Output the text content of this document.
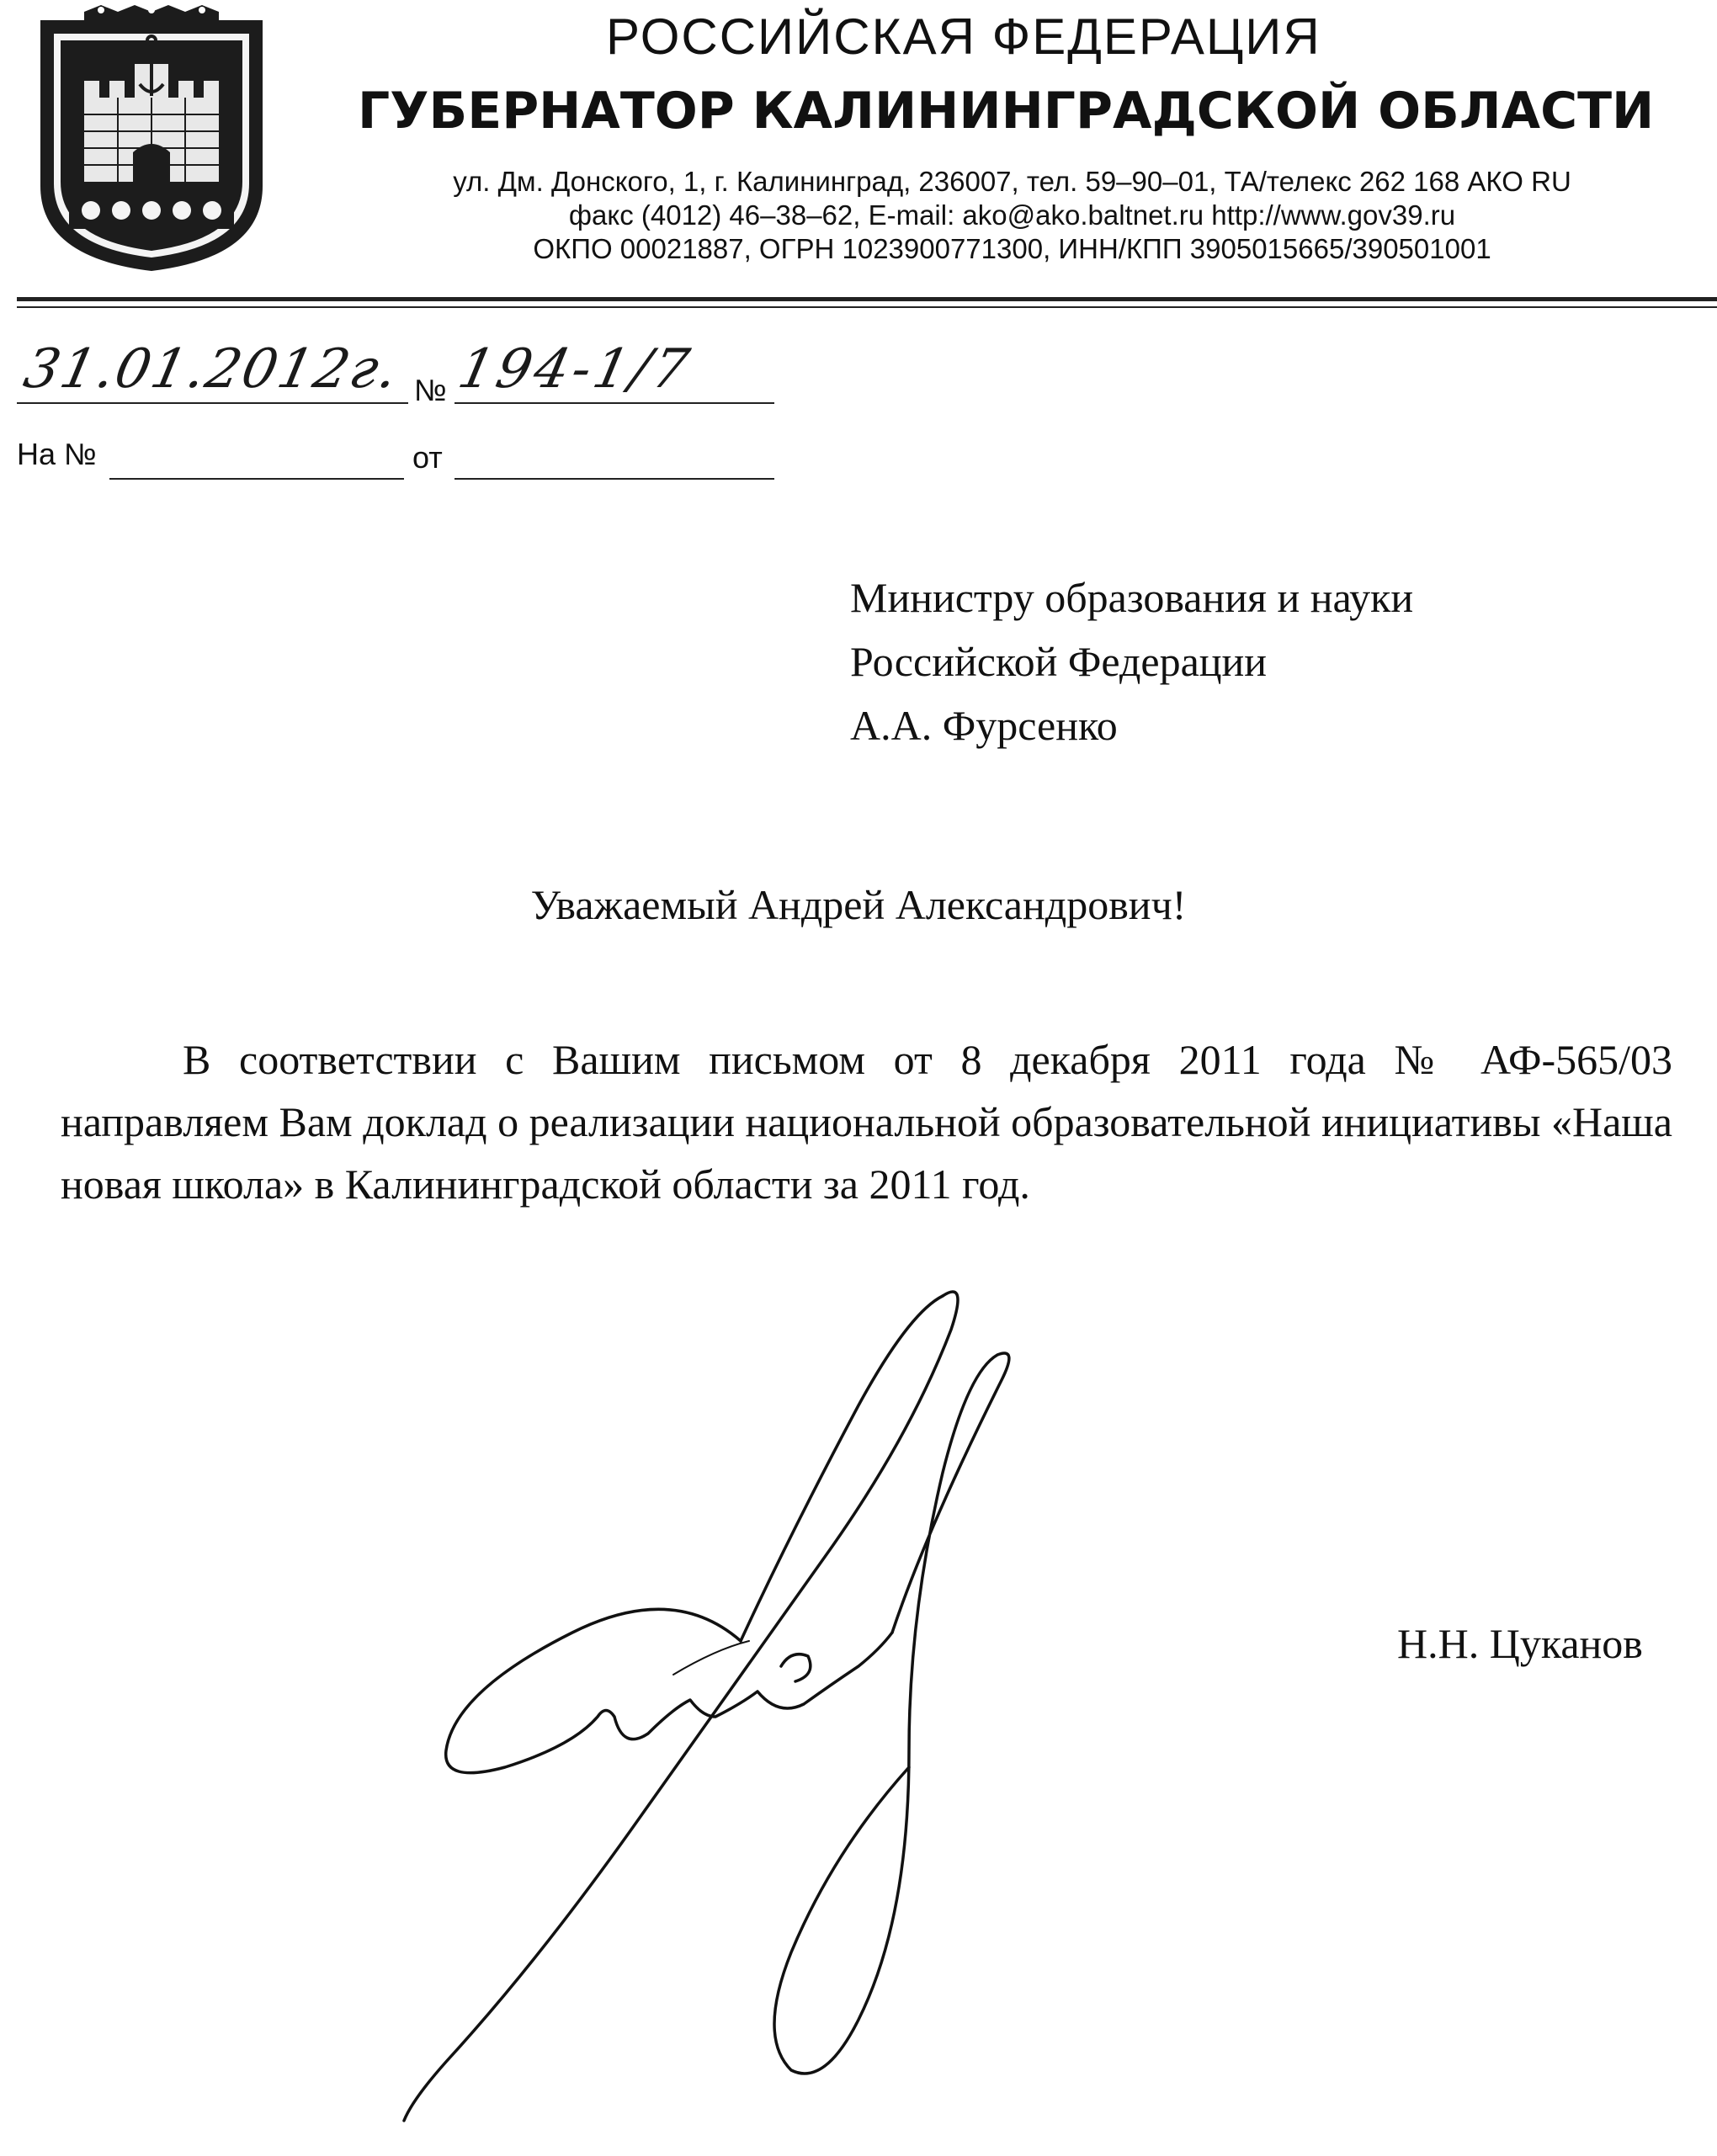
РОССИЙСКАЯ ФЕДЕРАЦИЯ
ГУБЕРНАТОР КАЛИНИНГРАДСКОЙ ОБЛАСТИ
ул. Дм. Донского, 1, г. Калининград, 236007, тел. 59–90–01, ТА/телекс 262 168 АКО RU
факс (4012) 46–38–62, E-mail: ako@ako.baltnet.ru http://www.gov39.ru
ОКПО 00021887, ОГРН 1023900771300, ИНН/КПП 3905015665/390501001
31.01.2012г. № 194-1/7
На №	от
Министру образования и науки
Российской Федерации
А.А. Фурсенко
Уважаемый Андрей Александрович!

В соответствии с Вашим письмом от 8 декабря 2011 года № АФ-565/03 направляем Вам доклад о реализации национальной образовательной инициативы «Наша новая школа» в Калининградской области за 2011 год.

Н.Н. Цуканов
